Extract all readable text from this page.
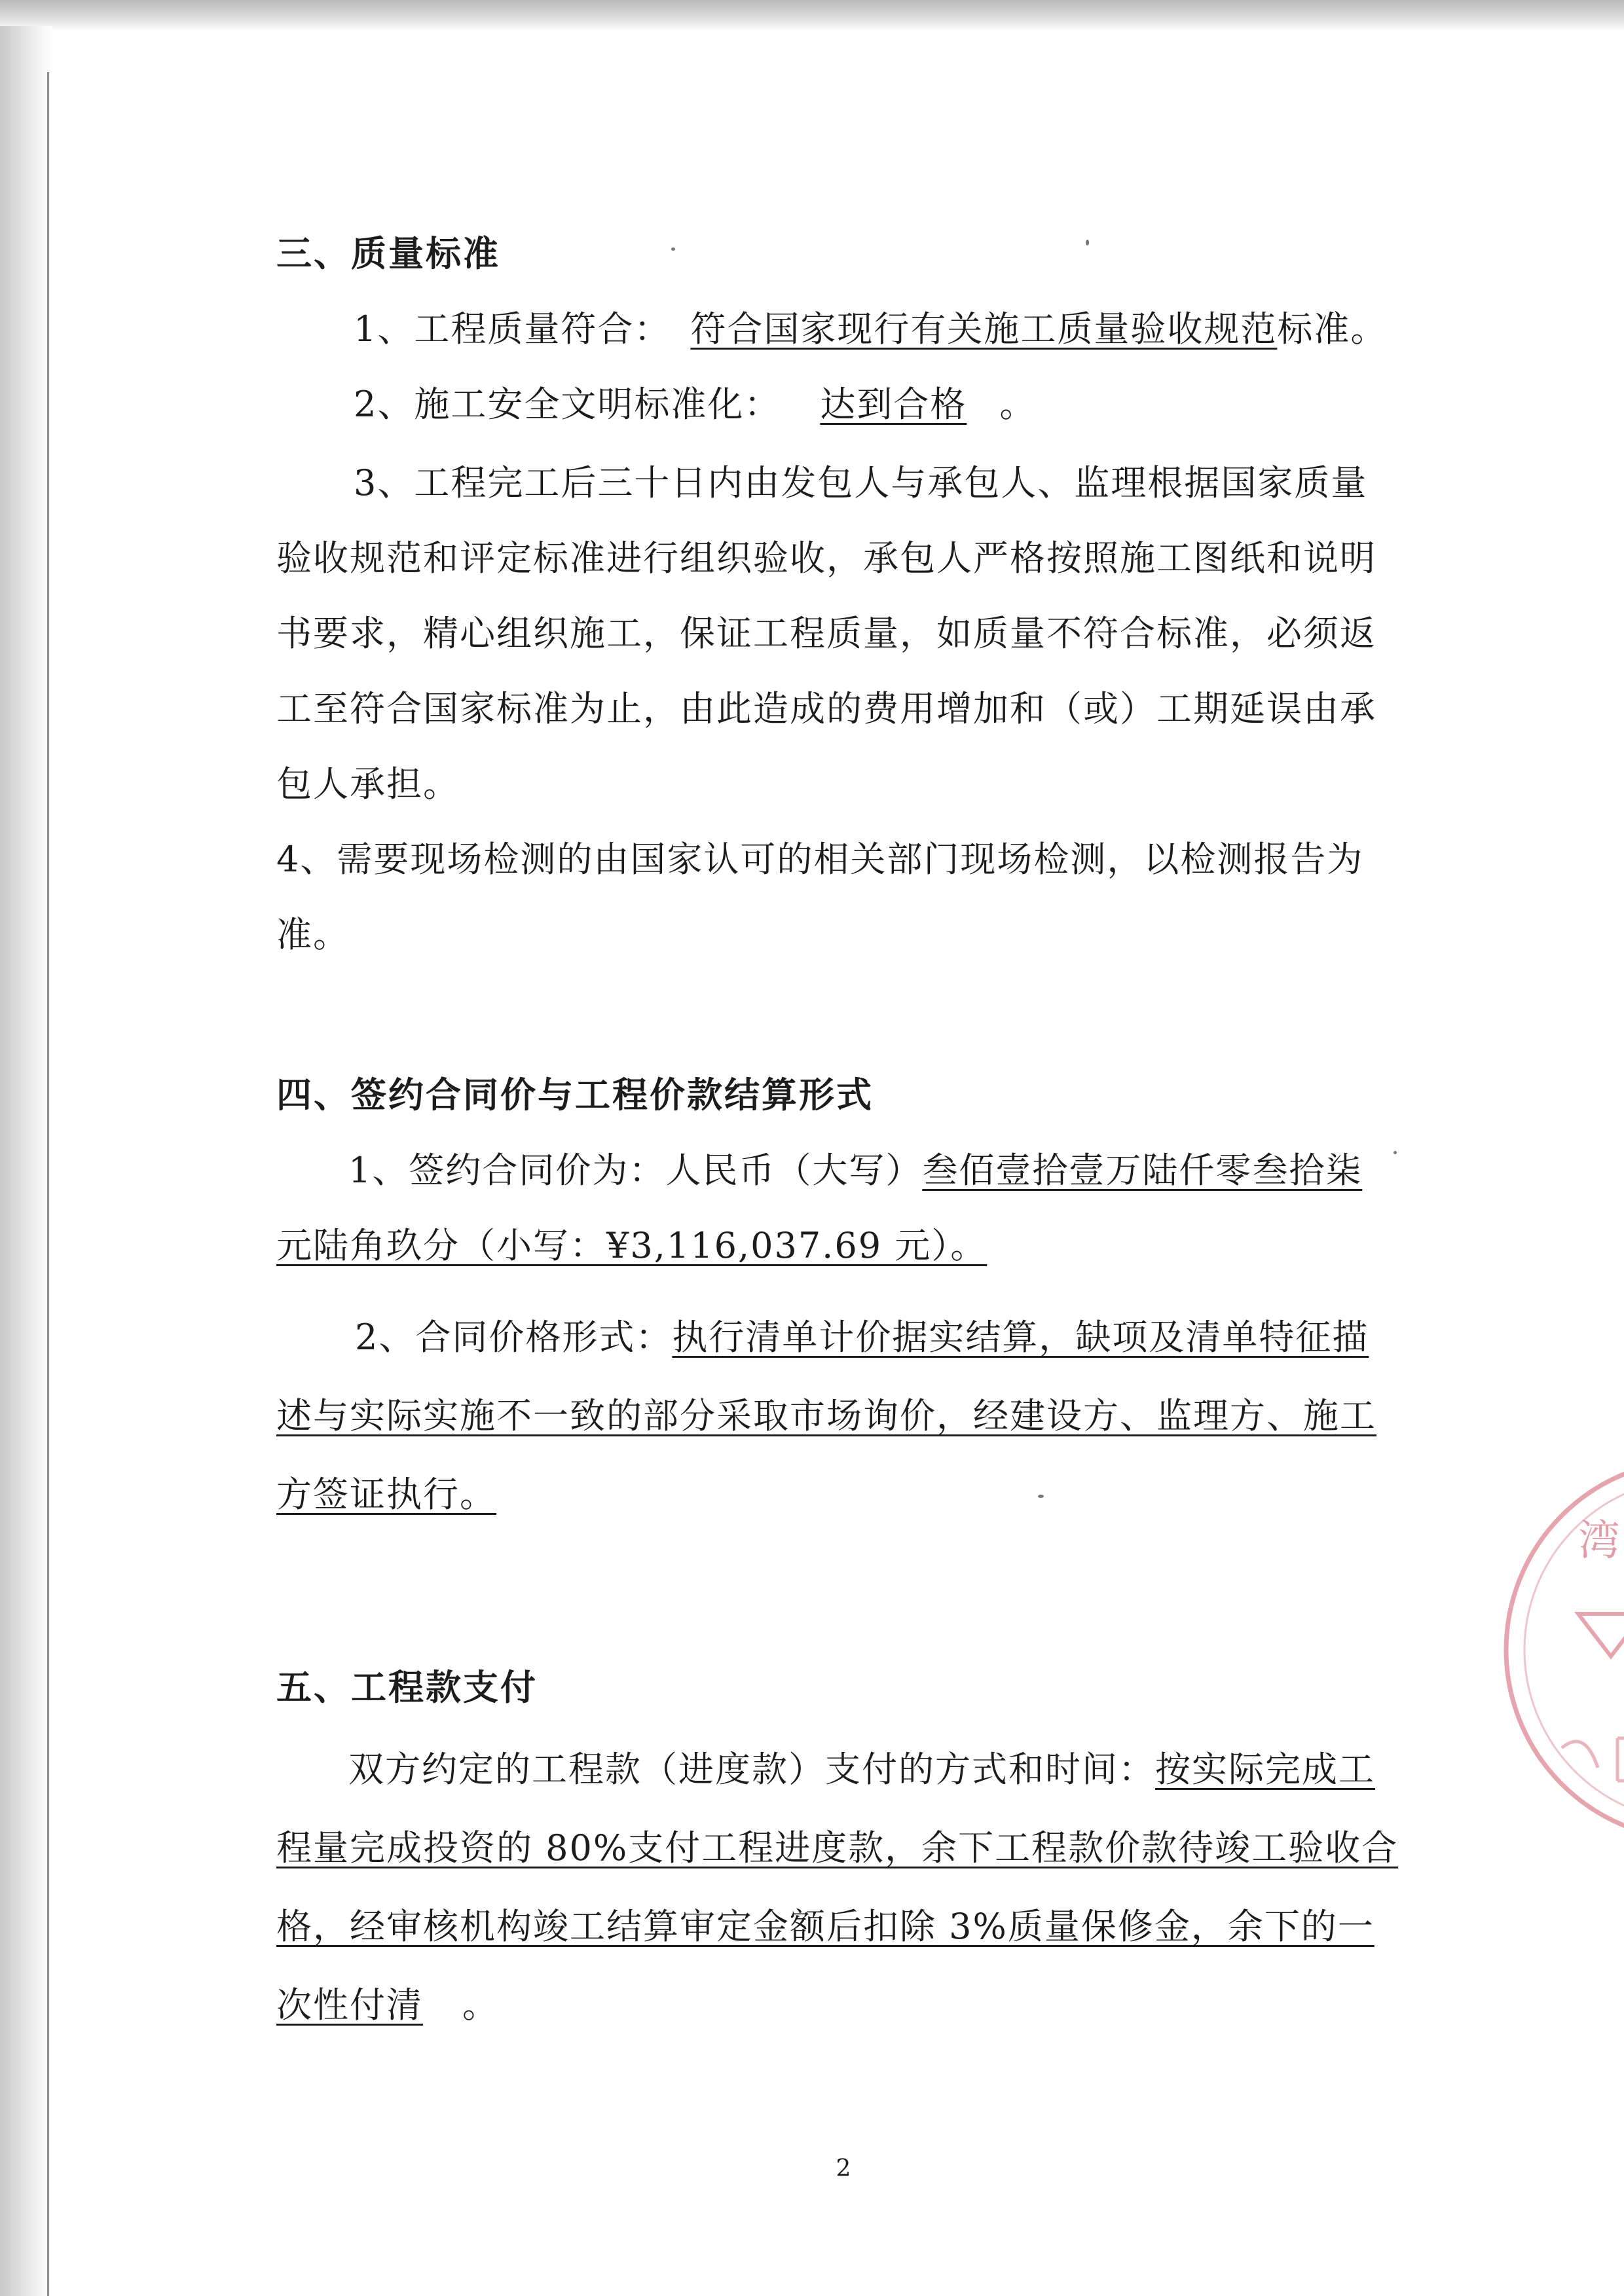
三、质量标准
1、工程质量符合： 符合国家现行有关施工质量验收规范标准。
2、施工安全文明标准化： 达到合格 。
3、工程完工后三十日内由发包人与承包人、监理根据国家质量
验收规范和评定标准进行组织验收，承包人严格按照施工图纸和说明
书要求，精心组织施工，保证工程质量，如质量不符合标准，必须返
工至符合国家标准为止，由此造成的费用增加和（或）工期延误由承
包人承担。
4、需要现场检测的由国家认可的相关部门现场检测，以检测报告为
准。
四、签约合同价与工程价款结算形式
1、签约合同价为：人民币（大写）叁佰壹拾壹万陆仟零叁拾柒
元陆角玖分（小写：¥3,116,037.69 元）。
2、合同价格形式：执行清单计价据实结算，缺项及清单特征描
述与实际实施不一致的部分采取市场询价，经建设方、监理方、施工
方签证执行。
五、工程款支付
双方约定的工程款（进度款）支付的方式和时间：按实际完成工
程量完成投资的 80%支付工程进度款，余下工程款价款待竣工验收合
格，经审核机构竣工结算审定金额后扣除 3%质量保修金，余下的一
次性付清 。
2
湾
